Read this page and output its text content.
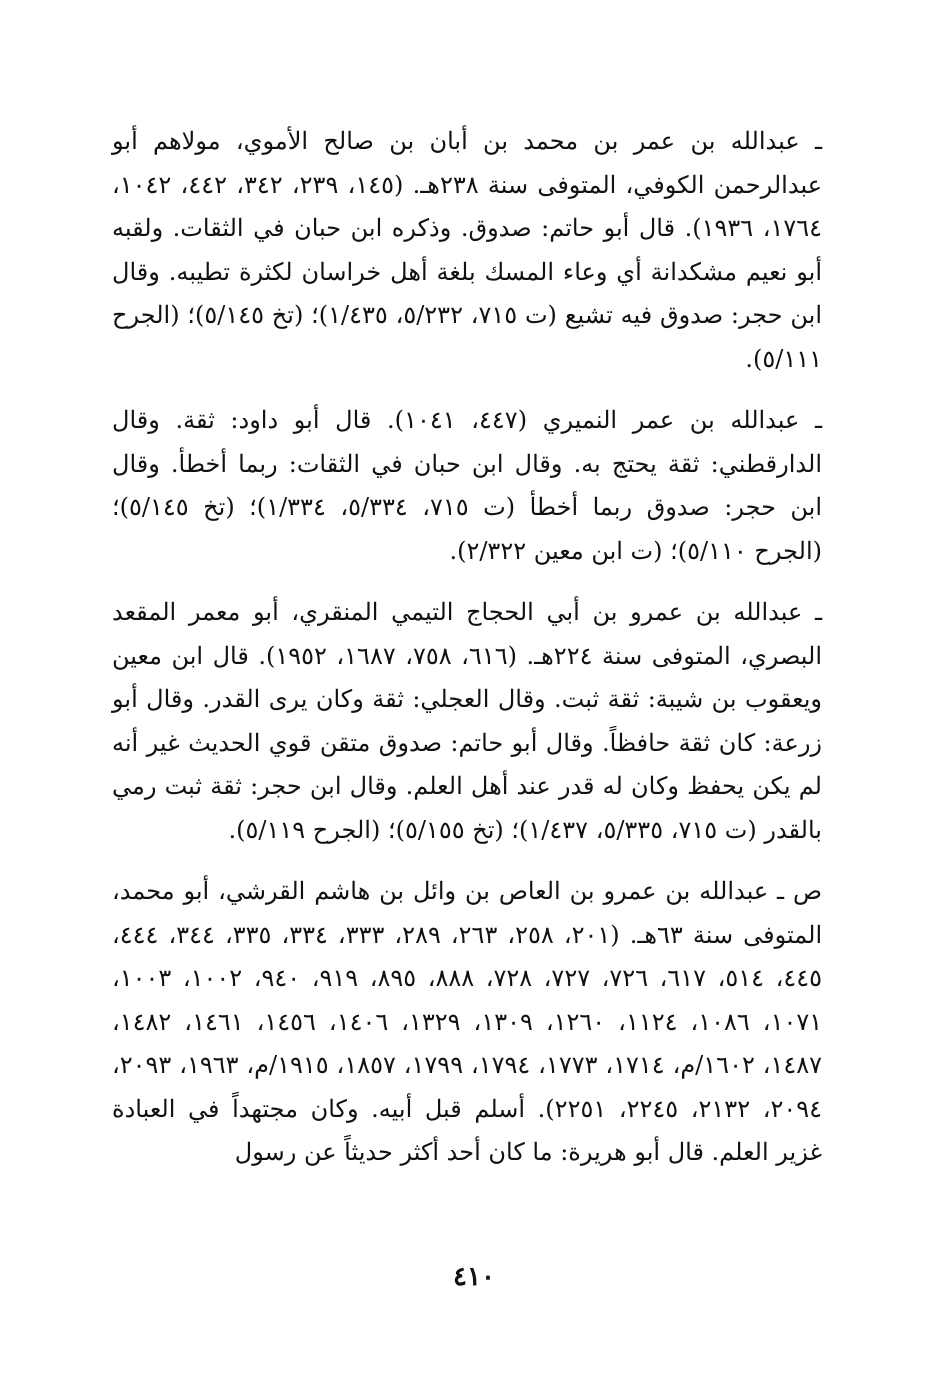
ـ عبدالله بن عمر بن محمد بن أبان بن صالح الأموي، مولاهم أبو عبدالرحمن الكوفي، المتوفى سنة ٢٣٨هـ. (١٤٥، ٢٣٩، ٣٤٢، ٤٤٢، ١٠٤٢، ١٧٦٤، ١٩٣٦). قال أبو حاتم: صدوق. وذكره ابن حبان في الثقات. ولقبه أبو نعيم مشكدانة أي وعاء المسك بلغة أهل خراسان لكثرة تطيبه. وقال ابن حجر: صدوق فيه تشيع (ت ٧١٥، ٥/٢٣٢، ١/٤٣٥)؛ (تخ ٥/١٤٥)؛ (الجرح ٥/١١١).

ـ عبدالله بن عمر النميري (٤٤٧، ١٠٤١). قال أبو داود: ثقة. وقال الدارقطني: ثقة يحتج به. وقال ابن حبان في الثقات: ربما أخطأ. وقال ابن حجر: صدوق ربما أخطأ (ت ٧١٥، ٥/٣٣٤، ١/٣٣٤)؛ (تخ ٥/١٤٥)؛ (الجرح ٥/١١٠)؛ (ت ابن معين ٢/٣٢٢).

ـ عبدالله بن عمرو بن أبي الحجاج التيمي المنقري، أبو معمر المقعد البصري، المتوفى سنة ٢٢٤هـ. (٦١٦، ٧٥٨، ١٦٨٧، ١٩٥٢). قال ابن معين ويعقوب بن شيبة: ثقة ثبت. وقال العجلي: ثقة وكان يرى القدر. وقال أبو زرعة: كان ثقة حافظاً. وقال أبو حاتم: صدوق متقن قوي الحديث غير أنه لم يكن يحفظ وكان له قدر عند أهل العلم. وقال ابن حجر: ثقة ثبت رمي بالقدر (ت ٧١٥، ٥/٣٣٥، ١/٤٣٧)؛ (تخ ٥/١٥٥)؛ (الجرح ٥/١١٩).

ص ـ عبدالله بن عمرو بن العاص بن وائل بن هاشم القرشي، أبو محمد، المتوفى سنة ٦٣هـ. (٢٠١، ٢٥٨، ٢٦٣، ٢٨٩، ٣٣٣، ٣٣٤، ٣٣٥، ٣٤٤، ٤٤٤، ٤٤٥، ٥١٤، ٦١٧، ٧٢٦، ٧٢٧، ٧٢٨، ٨٨٨، ٨٩٥، ٩١٩، ٩٤٠، ١٠٠٢، ١٠٠٣، ١٠٧١، ١٠٨٦، ١١٢٤، ١٢٦٠، ١٣٠٩، ١٣٢٩، ١٤٠٦، ١٤٥٦، ١٤٦١، ١٤٨٢، ١٤٨٧، ١٦٠٢/م، ١٧١٤، ١٧٧٣، ١٧٩٤، ١٧٩٩، ١٨٥٧، ١٩١٥/م، ١٩٦٣، ٢٠٩٣، ٢٠٩٤، ٢١٣٢، ٢٢٤٥، ٢٢٥١). أسلم قبل أبيه. وكان مجتهداً في العبادة غزير العلم. قال أبو هريرة: ما كان أحد أكثر حديثاً عن رسول

٤١٠
